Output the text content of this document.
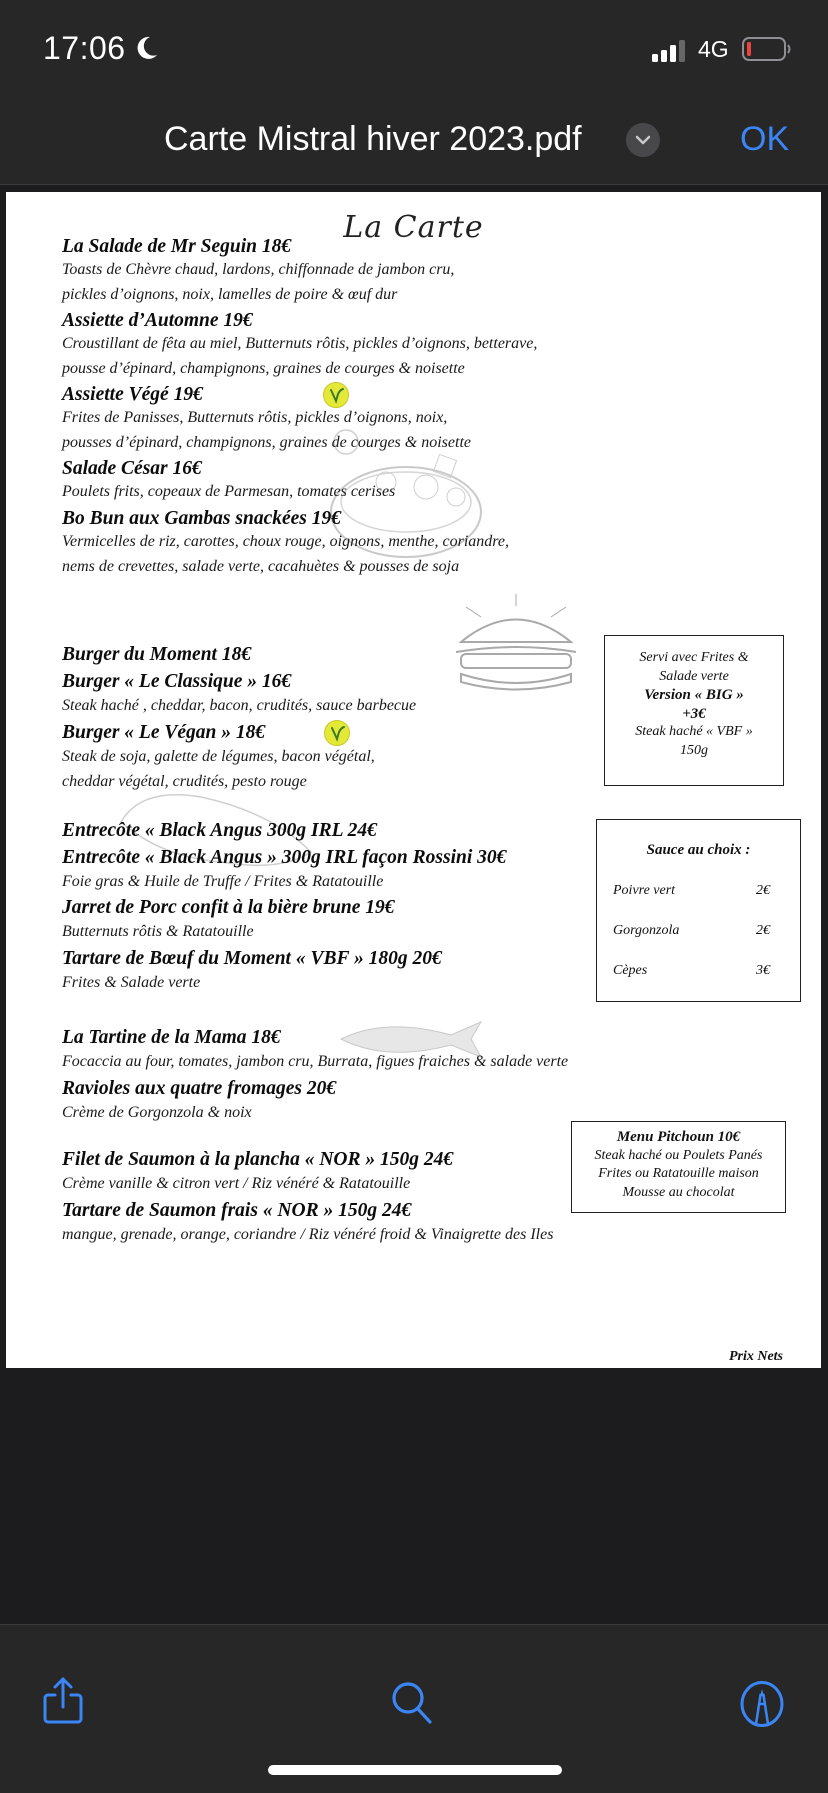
17:06	4G
Carte Mistral hiver 2023.pdf	OK
La Carte
La Salade de Mr Seguin 18€
Toasts de Chèvre chaud, lardons, chiffonnade de jambon cru,
pickles d’oignons, noix, lamelles de poire & œuf dur
Assiette d’Automne 19€
Croustillant de fêta au miel, Butternuts rôtis, pickles d’oignons, betterave,
pousse d’épinard, champignons, graines de courges & noisette
Assiette Végé 19€
Frites de Panisses, Butternuts rôtis, pickles d’oignons, noix,
pousses d’épinard, champignons, graines de courges & noisette
Salade César 16€
Poulets frits, copeaux de Parmesan, tomates cerises
Bo Bun aux Gambas snackées 19€
Vermicelles de riz, carottes, choux rouge, oignons, menthe, coriandre,
nems de crevettes, salade verte, cacahuètes & pousses de soja
Burger du Moment 18€
Burger « Le Classique » 16€
Steak haché , cheddar, bacon, crudités, sauce barbecue
Burger « Le Végan » 18€
Steak de soja, galette de légumes, bacon végétal,
cheddar végétal, crudités, pesto rouge
Entrecôte « Black Angus 300g IRL 24€
Entrecôte « Black Angus » 300g IRL façon Rossini 30€
Foie gras & Huile de Truffe / Frites & Ratatouille
Jarret de Porc confit à la bière brune 19€
Butternuts rôtis & Ratatouille
Tartare de Bœuf du Moment « VBF » 180g 20€
Frites & Salade verte
La Tartine de la Mama 18€
Focaccia au four, tomates, jambon cru, Burrata, figues fraiches & salade verte
Ravioles aux quatre fromages 20€
Crème de Gorgonzola & noix
Filet de Saumon à la plancha « NOR » 150g 24€
Crème vanille & citron vert / Riz vénéré & Ratatouille
Tartare de Saumon frais « NOR » 150g 24€
mangue, grenade, orange, coriandre / Riz vénéré froid & Vinaigrette des Iles
Servi avec Frites &
Salade verte
Version « BIG »
+3€
Steak haché « VBF »
150g
Sauce au choix :
Poivre vert	2€
Gorgonzola	2€
Cèpes	3€
Menu Pitchoun 10€
Steak haché ou Poulets Panés
Frites ou Ratatouille maison
Mousse au chocolat
Prix Nets
